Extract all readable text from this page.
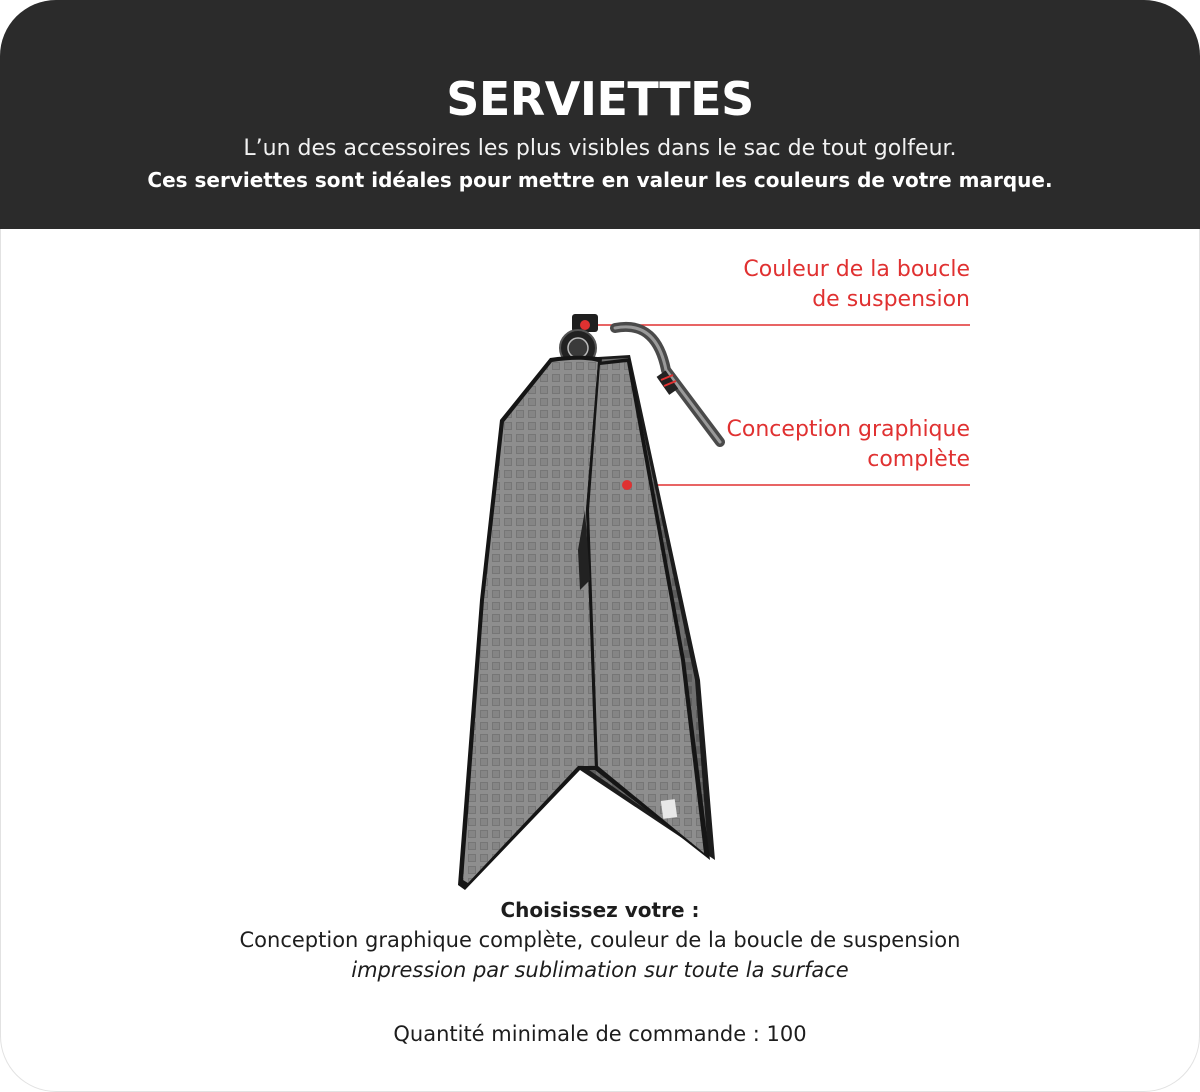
SERVIETTES
L’un des accessoires les plus visibles dans le sac de tout golfeur.
Ces serviettes sont idéales pour mettre en valeur les couleurs de votre marque.
Couleur de la boucle
de suspension
Conception graphique
complète
Choisissez votre :
Conception graphique complète, couleur de la boucle de suspension
impression par sublimation sur toute la surface
Quantité minimale de commande : 100
